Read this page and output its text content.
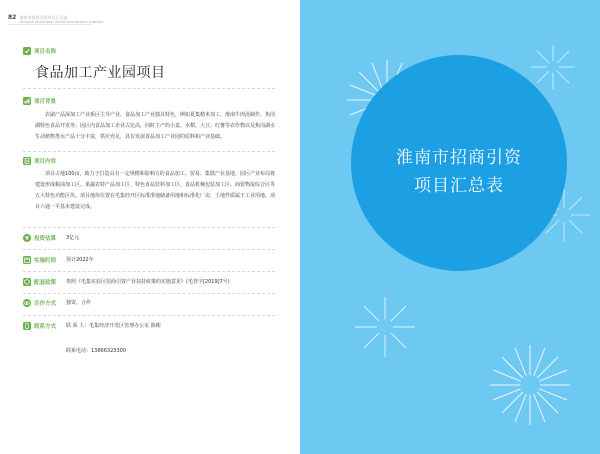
82 淮南市招商引资项目汇总表
HUAINAN INVESTMENT PROMOTION PROJECT SUMMARY
项目名称
食品加工产业园项目
项目背景
农副产品深加工产业系区主导产业，食品加工产业独具特色，例如夏集精米加工、淮南牛肉汤制作、焦岗湖特色食品开发等；园区内食品加工企业占比高，同时主产的小麦、水稻、大豆、红薯等农作物以及焦岗湖水生动植物类水产品十分丰富，供应充足，具有发展食品加工产业园的原料和产业基础。
项目内容
项目占地100亩，致力于打造具有一定规模和影响力的食品加工、贸易、集散产业基地。园区产业布局将建设形成粮油加工区、果蔬农特产品加工区、特色食品饮料加工区、食品机械包装加工区、商贸物流综合区等五大特色功能区块。项目地块位置在毛集经开区标准准地储备用地和标准化厂房，土地性质属于工业用地，项目六通一平基本建设完成。
¥ 投资估算 3亿元
实施时间 预计2022年
配套政策 参照《毛集实验区招商引资产业扶持政策的实施意见》(毛管字[2019]7号)
合作方式 独资、合作
联系方式 联 系 人：毛集经济开发区管理办公室 陈彬
联系电话：13866323300
淮南市招商引资
项目汇总表
